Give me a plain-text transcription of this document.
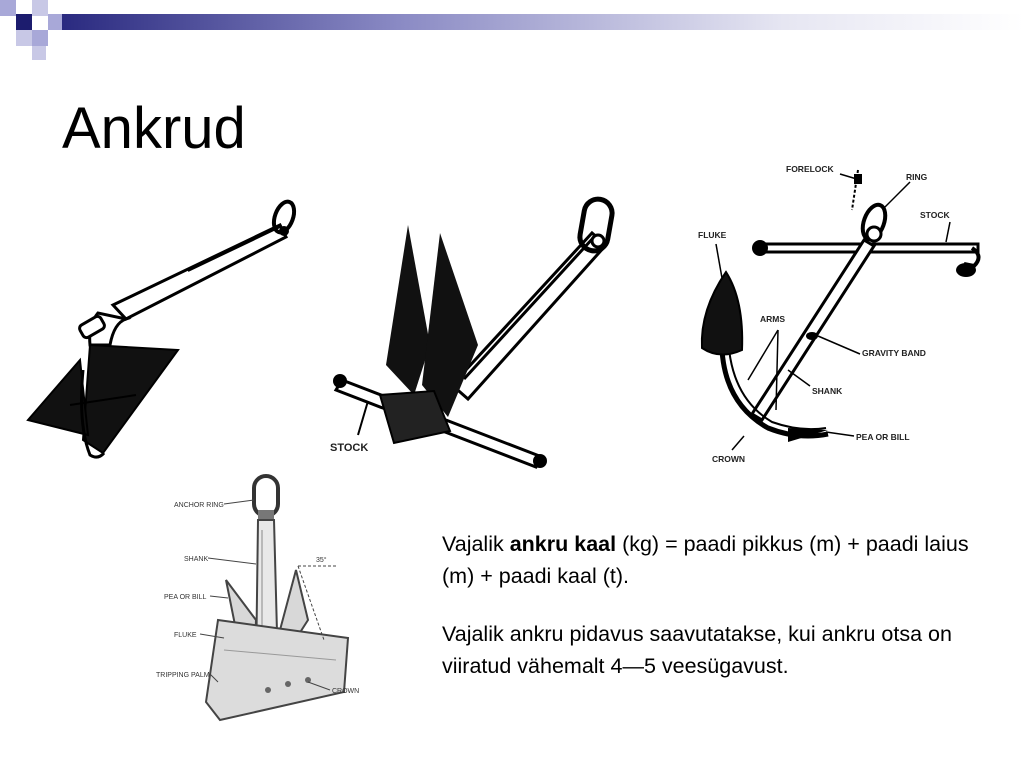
Ankrud
STOCK
FORELOCK
RING
STOCK
FLUKE
ARMS
GRAVITY BAND
SHANK
PEA OR BILL
CROWN
ANCHOR RING
SHANK
PEA OR BILL
FLUKE
TRIPPING PALM
CROWN
35°

Vajalik ankru kaal (kg) = paadi pikkus (m) + paadi laius (m) + paadi kaal (t).

Vajalik ankru pidavus saavutatakse, kui ankru otsa on viiratud vähemalt 4—5 veesügavust.
